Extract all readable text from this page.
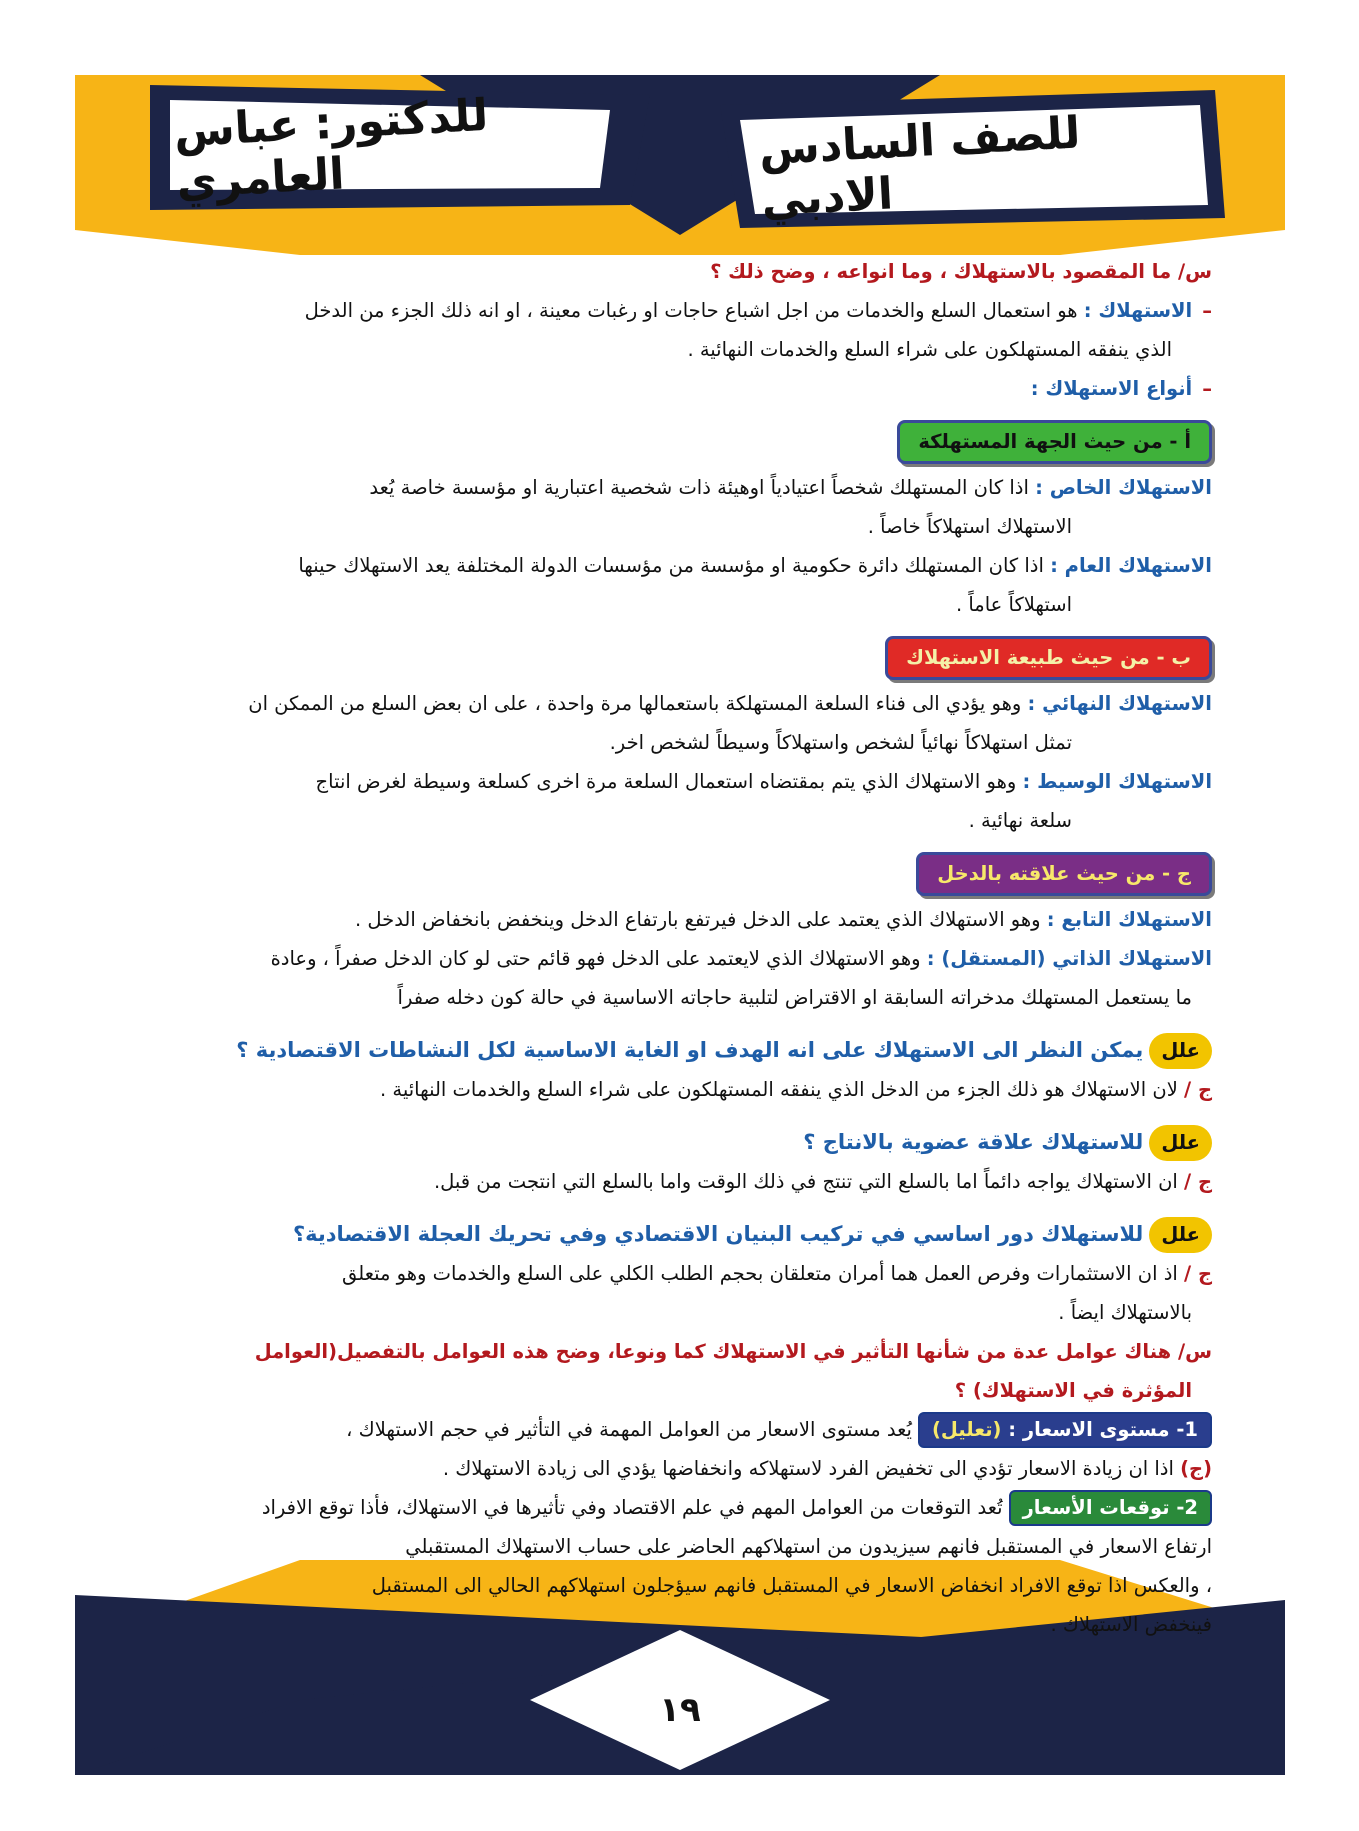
للصف السادس الادبي
للدكتور: عباس العامري

س/ ما المقصود بالاستهلاك ، وما انواعه ، وضح ذلك ؟

–الاستهلاك : هو استعمال السلع والخدمات من اجل اشباع حاجات او رغبات معينة ، او انه ذلك الجزء من الدخل

الذي ينفقه المستهلكون على شراء السلع والخدمات النهائية .

–أنواع الاستهلاك :

أ - من حيث الجهة المستهلكة

الاستهلاك الخاص : اذا كان المستهلك شخصاً اعتيادياً اوهيئة ذات شخصية اعتبارية او مؤسسة خاصة يُعد

الاستهلاك استهلاكاً خاصاً .

الاستهلاك العام : اذا كان المستهلك دائرة حكومية او مؤسسة من مؤسسات الدولة المختلفة يعد الاستهلاك حينها

استهلاكاً عاماً .

ب - من حيث طبيعة الاستهلاك

الاستهلاك النهائي : وهو يؤدي الى فناء السلعة المستهلكة باستعمالها مرة واحدة ، على ان بعض السلع من الممكن ان

تمثل استهلاكاً نهائياً لشخص واستهلاكاً وسيطاً لشخص اخر.

الاستهلاك الوسيط : وهو الاستهلاك الذي يتم بمقتضاه استعمال السلعة مرة اخرى كسلعة وسيطة لغرض انتاج

سلعة نهائية .

ج - من حيث علاقته بالدخل

الاستهلاك التابع : وهو الاستهلاك الذي يعتمد على الدخل فيرتفع بارتفاع الدخل وينخفض بانخفاض الدخل .

الاستهلاك الذاتي (المستقل) : وهو الاستهلاك الذي لايعتمد على الدخل فهو قائم حتى لو كان الدخل صفراً ، وعادة

ما يستعمل المستهلك مدخراته السابقة او الاقتراض لتلبية حاجاته الاساسية في حالة كون دخله صفراً

علليمكن النظر الى الاستهلاك على انه الهدف او الغاية الاساسية لكل النشاطات الاقتصادية ؟

ج / لان الاستهلاك هو ذلك الجزء من الدخل الذي ينفقه المستهلكون على شراء السلع والخدمات النهائية .

عللللاستهلاك علاقة عضوية بالانتاج ؟

ج / ان الاستهلاك يواجه دائماً اما بالسلع التي تنتج في ذلك الوقت واما بالسلع التي انتجت من قبل.

عللللاستهلاك دور اساسي في تركيب البنيان الاقتصادي وفي تحريك العجلة الاقتصادية؟

ج / اذ ان الاستثمارات وفرص العمل هما أمران متعلقان بحجم الطلب الكلي على السلع والخدمات وهو متعلق

بالاستهلاك ايضاً .

س/ هناك عوامل عدة من شأنها التأثير في الاستهلاك كما ونوعا، وضح هذه العوامل بالتفصيل(العوامل

المؤثرة في الاستهلاك) ؟

1- مستوى الاسعار : (تعليل)يُعد مستوى الاسعار من العوامل المهمة في التأثير في حجم الاستهلاك ،

(ج) اذا ان زيادة الاسعار تؤدي الى تخفيض الفرد لاستهلاكه وانخفاضها يؤدي الى زيادة الاستهلاك .

2- توقعات الأسعارتُعد التوقعات من العوامل المهم في علم الاقتصاد وفي تأثيرها في الاستهلاك، فأذا توقع الافراد

ارتفاع الاسعار في المستقبل فانهم سيزيدون من استهلاكهم الحاضر على حساب الاستهلاك المستقبلي

، والعكس اذا توقع الافراد انخفاض الاسعار في المستقبل فانهم سيؤجلون استهلاكهم الحالي الى المستقبل

فينخفض الاستهلاك .

١٩
